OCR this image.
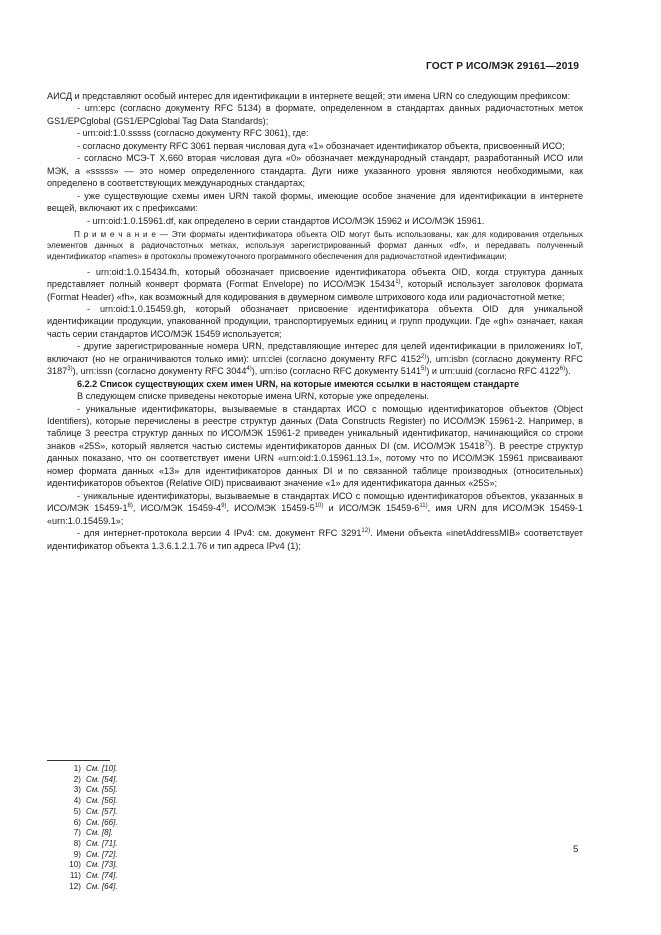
ГОСТ Р ИСО/МЭК 29161—2019

АИСД и представляют особый интерес для идентификации в интернете вещей; эти имена URN со следующим префиксом:

- urn:epc (согласно документу RFC 5134) в формате, определенном в стандартах данных радиочастотных меток GS1/EPCglobal (GS1/EPCglobal Tag Data Standards);

- urn:oid:1.0.sssss (согласно документу RFC 3061), где:

- согласно документу RFC 3061 первая числовая дуга «1» обозначает идентификатор объекта, присвоенный ИСО;

- согласно МСЭ-Т X.660 вторая числовая дуга «0» обозначает международный стандарт, разработанный ИСО или МЭК, а «sssss» — это номер определенного стандарта. Дуги ниже указанного уровня являются необходимыми, как определено в соответствующих международных стандартах;

- уже существующие схемы имен URN такой формы, имеющие особое значение для идентификации в интернете вещей, включают их с префиксами:

- urn:oid:1.0.15961.df, как определено в серии стандартов ИСО/МЭК 15962 и ИСО/МЭК 15961.

П р и м е ч а н и е — Эти форматы идентификатора объекта OID могут быть использованы, как для кодирования отдельных элементов данных в радиочастотных метках, используя зарегистрированный формат данных «df», и передавать полученный идентификатор «names» в протоколы промежуточного программного обеспечения для радиочастотной идентификации;

- urn:oid:1.0.15434.fh, который обозначает присвоение идентификатора объекта OID, когда структура данных представляет полный конверт формата (Format Envelope) по ИСО/МЭК 15434$^{1)}$, который использует заголовок формата (Format Header) «fh», как возможный для кодирования в двумерном символе штрихового кода или радиочастотной метке;

- urn:oid:1.0.15459.gh, который обозначает присвоение идентификатора объекта OID для уникальной идентификации продукции, упакованной продукции, транспортируемых единиц и групп продукции. Где «gh» означает, какая часть серии стандартов ИСО/МЭК 15459 используется;

- другие зарегистрированные номера URN, представляющие интерес для целей идентификации в приложениях IoT, включают (но не ограничиваются только ими): urn:clei (согласно документу RFC 4152$^{2)}$), urn:isbn (согласно документу RFC 3187$^{3)}$), urn:issn (согласно документу RFC 3044$^{4)}$), urn:iso (согласно RFC документу 5141$^{5)}$) и urn:uuid (согласно RFC 4122$^{6)}$).

6.2.2 Список существующих схем имен URN, на которые имеются ссылки в настоящем стандарте

В следующем списке приведены некоторые имена URN, которые уже определены.

- уникальные идентификаторы, вызываемые в стандартах ИСО с помощью идентификаторов объектов (Object Identifiers), которые перечислены в реестре структур данных (Data Constructs Register) по ИСО/МЭК 15961-2. Например, в таблице 3 реестра структур данных по ИСО/МЭК 15961-2 приведен уникальный идентификатор, начинающийся со строки знаков «25S», который является частью системы идентификаторов данных DI (см. ИСО/МЭК 15418$^{7)}$). В реестре структур данных показано, что он соответствует имени URN «urn:oid:1.0.15961.13.1», потому что по ИСО/МЭК 15961 присваивают номер формата данных «13» для идентификаторов данных DI и по связанной таблице производных (относительных) идентификаторов объектов (Relative OID) присваивают значение «1» для идентификатора данных «25S»;

- уникальные идентификаторы, вызываемые в стандартах ИСО с помощью идентификаторов объектов, указанных в ИСО/МЭК 15459-1$^{8)}$, ИСО/МЭК 15459-4$^{9)}$, ИСО/МЭК 15459-5$^{10)}$ и ИСО/МЭК 15459-6$^{11)}$, имя URN для ИСО/МЭК 15459-1 «urn:1.0.15459.1»;

- для интернет-протокола версии 4 IPv4: см. документ RFC 3291$^{12)}$. Имени объекта «inetAddressMIB» соответствует идентификатор объекта 1.3.6.1.2.1.76 и тип адреса IPv4 (1);

1) См. [10].
2) См. [54].
3) См. [55].
4) См. [56].
5) См. [57].
6) См. [66].
7) См. [8].
8) См. [71].
9) См. [72].
10) См. [73].
11) См. [74].
12) См. [64].
5
